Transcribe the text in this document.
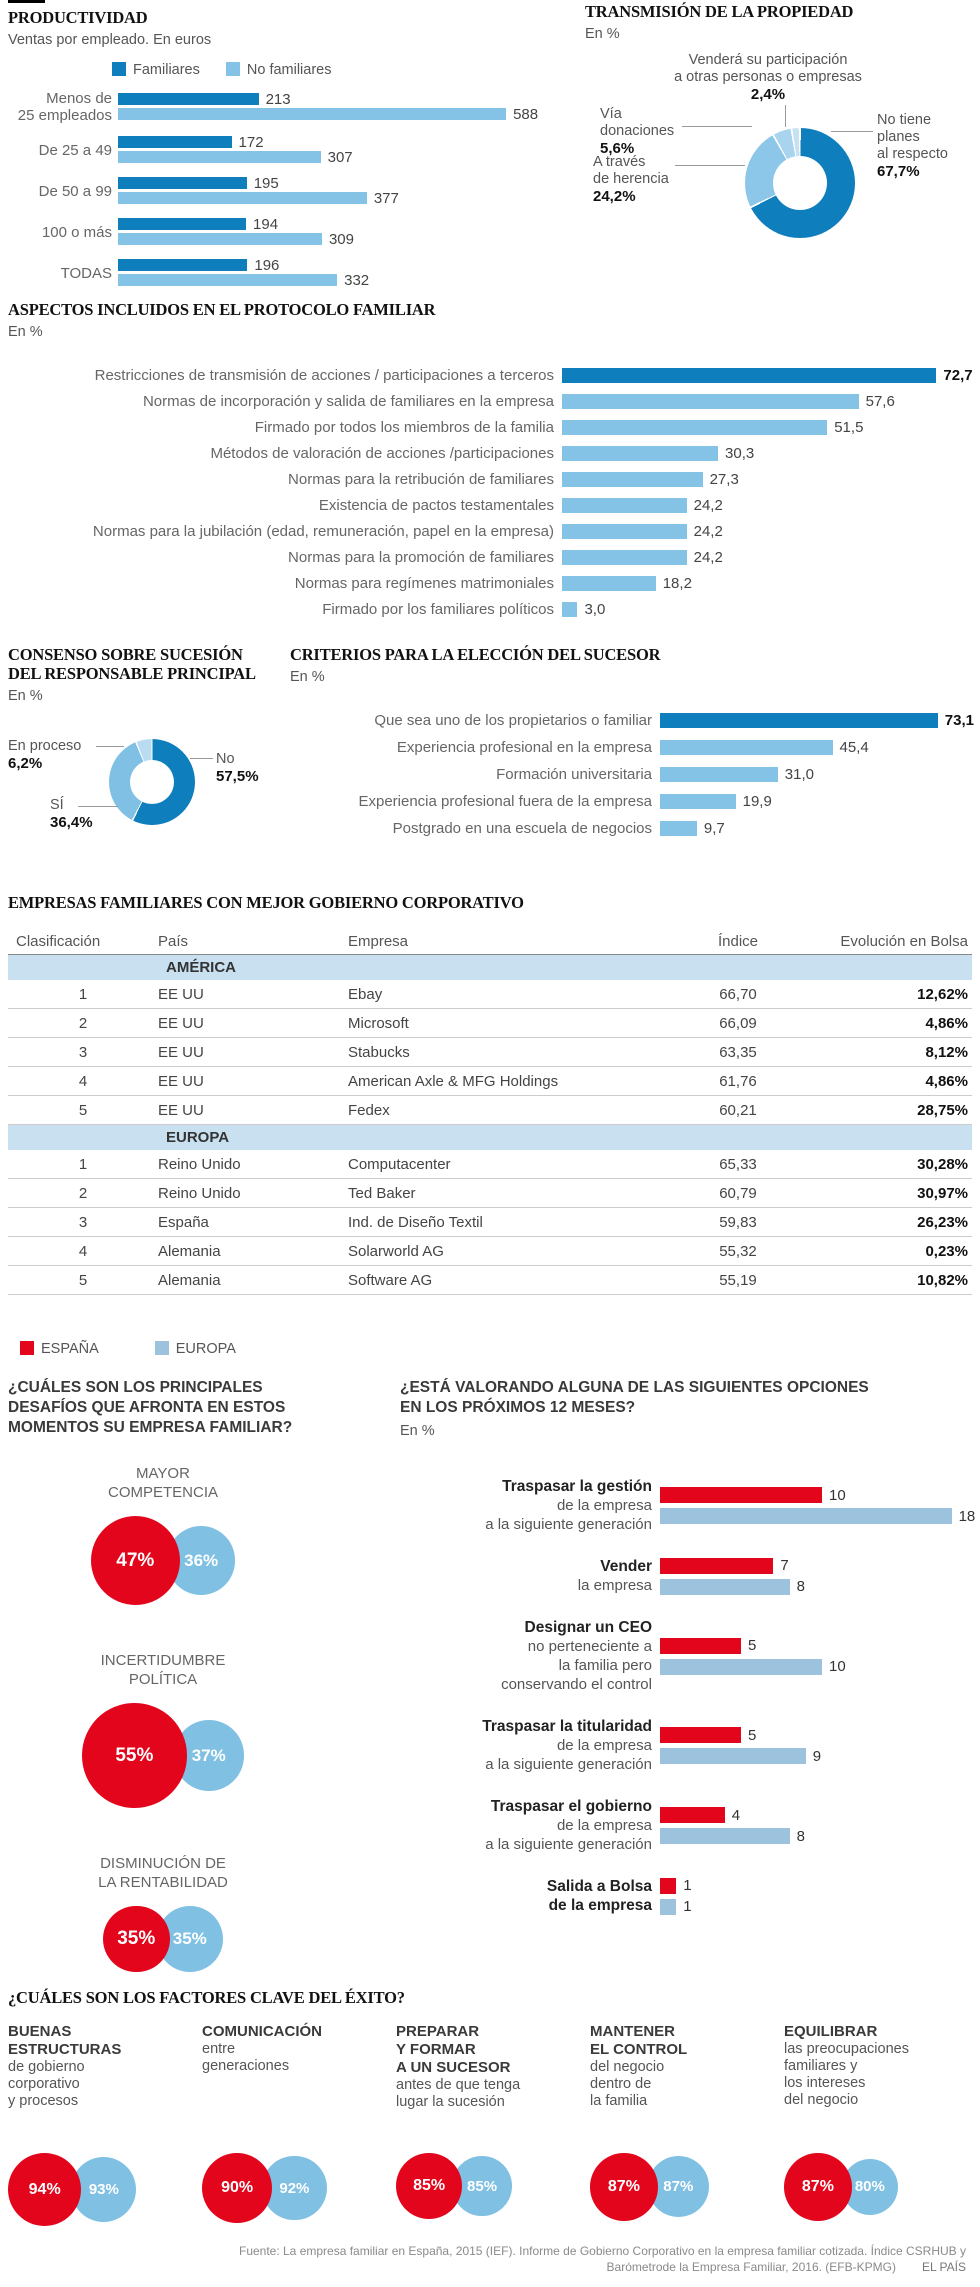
PRODUCTIVIDAD
Ventas por empleado. En euros
Familiares	No familiares
Menos de
25 empleados
213
588
De 25 a 49	172
307
De 50 a 99	195
377
100 o más	194
309
TODAS	196
332
TRANSMISIÓN DE LA PROPIEDAD
En %
Venderá su participación
a otras personas o empresas
2,4%
Vía
donaciones
5,6%
A través
de herencia
24,2%
No tiene
planes
al respecto
67,7%
ASPECTOS INCLUIDOS EN EL PROTOCOLO FAMILIAR
En %
Restricciones de transmisión de acciones / participaciones a terceros	72,7
Normas de incorporación y salida de familiares en la empresa	57,6
Firmado por todos los miembros de la familia	51,5
Métodos de valoración de acciones /participaciones	30,3
Normas para la retribución de familiares	27,3
Existencia de pactos testamentales	24,2
Normas para la jubilación (edad, remuneración, papel en la empresa)	24,2
Normas para la promoción de familiares	24,2
Normas para regímenes matrimoniales	18,2
Firmado por los familiares políticos 3,0
CONSENSO SOBRE SUCESIÓN
DEL RESPONSABLE PRINCIPAL
En %
En proceso
6,2%	No
57,5%
SÍ
36,4%
CRITERIOS PARA LA ELECCIÓN DEL SUCESOR
En %
Que sea uno de los propietarios o familiar	73,1
Experiencia profesional en la empresa	45,4
Formación universitaria	31,0
Experiencia profesional fuera de la empresa	19,9
Postgrado en una escuela de negocios	9,7
EMPRESAS FAMILIARES CON MEJOR GOBIERNO CORPORATIVO
Clasificación	País	Empresa	Índice	Evolución en Bolsa
AMÉRICA
1	EE UU	Ebay	66,70	12,62%
2	EE UU	Microsoft	66,09	4,86%
3	EE UU	Stabucks	63,35	8,12%
4	EE UU	American Axle & MFG Holdings	61,76	4,86%
5	EE UU	Fedex	60,21	28,75%
EUROPA
1	Reino Unido	Computacenter	65,33	30,28%
2	Reino Unido	Ted Baker	60,79	30,97%
3	España	Ind. de Diseño Textil	59,83	26,23%
4	Alemania	Solarworld AG	55,32	0,23%
5	Alemania	Software AG	55,19	10,82%
ESPAÑA	EUROPA
¿CUÁLES SON LOS PRINCIPALES
DESAFÍOS QUE AFRONTA EN ESTOS
MOMENTOS SU EMPRESA FAMILIAR?
MAYOR
COMPETENCIA
47% 36%
INCERTIDUMBRE
POLÍTICA
55% 37%
DISMINUCIÓN DE
LA RENTABILIDAD
35% 35%
¿ESTÁ VALORANDO ALGUNA DE LAS SIGUIENTES OPCIONES
EN LOS PRÓXIMOS 12 MESES?
En %
Traspasar la gestión
de la empresa
a la siguiente generación
10
18
Vender
la empresa
7
8
Designar un CEO
no perteneciente a
la familia pero
conservando el control
5
10
Traspasar la titularidad
de la empresa
a la siguiente generación
5
9
Traspasar el gobierno
de la empresa
a la siguiente generación
4
8
Salida a Bolsa
de la empresa
1
1
¿CUÁLES SON LOS FACTORES CLAVE DEL ÉXITO?
BUENAS
ESTRUCTURAS
de gobierno
corporativo
y procesos
94% 93%
COMUNICACIÓN
entre
generaciones
90% 92%
PREPARAR
Y FORMAR
A UN SUCESOR
antes de que tenga
lugar la sucesión
85% 85%
MANTENER
EL CONTROL
del negocio
dentro de
la familia
87% 87%
EQUILIBRAR
las preocupaciones
familiares y
los intereses
del negocio
87% 80%
Fuente: La empresa familiar en España, 2015 (IEF). Informe de Gobierno Corporativo en la empresa familiar cotizada. Índice CSRHUB y
Barómetrode la Empresa Familiar, 2016. (EFB-KPMG) EL PAÍS
